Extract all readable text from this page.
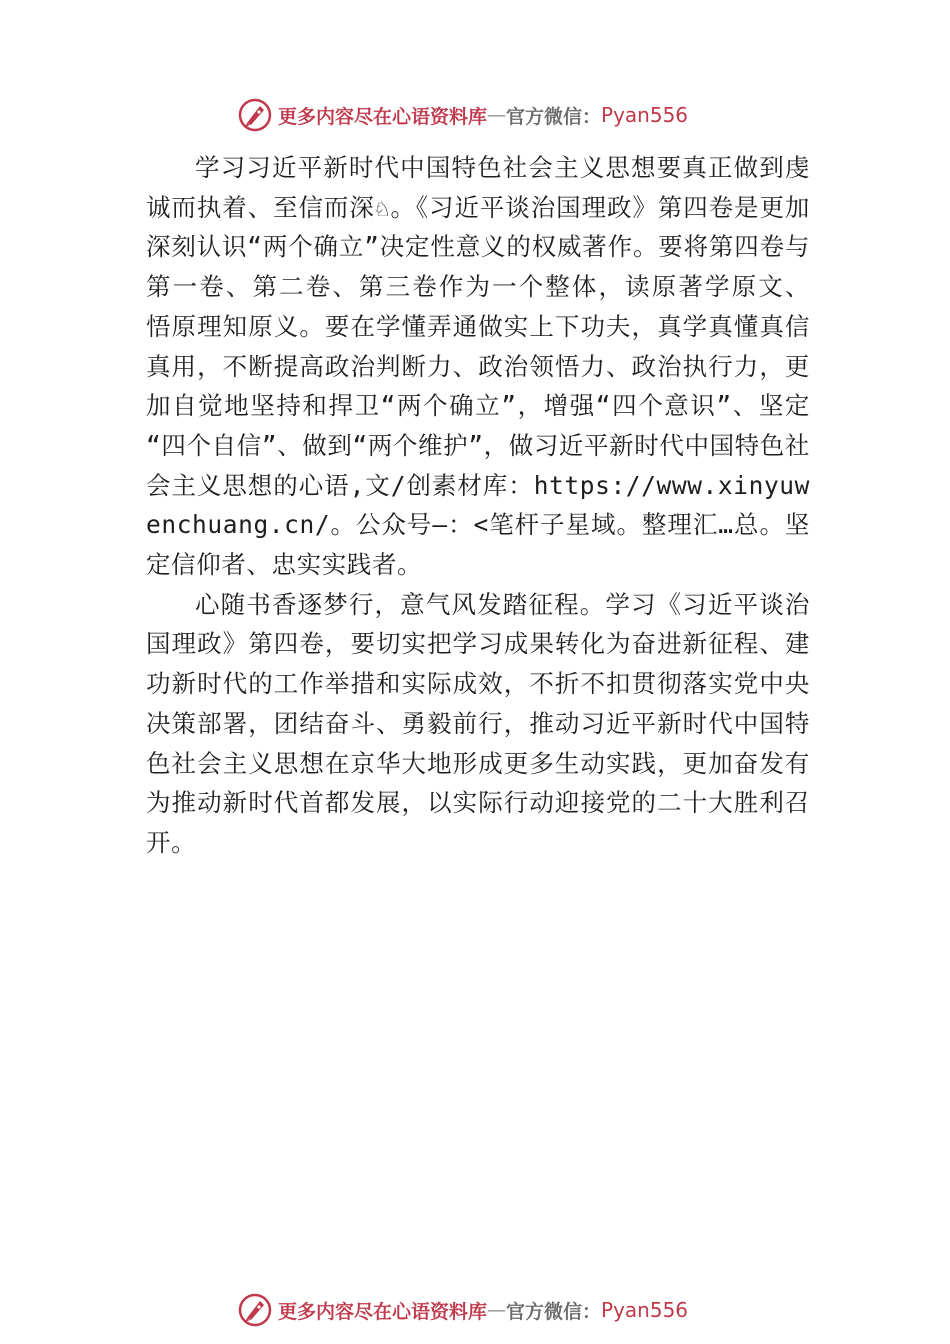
更多内容尽在心语资料库 — 官方微信： Pyan556

学习习近平新时代中国特色社会主义思想要真正做到虔诚而执着、至信而深♘。《习近平谈治国理政》第四卷是更加深刻认识“两个确立”决定性意义的权威著作。要将第四卷与第一卷、第二卷、第三卷作为一个整体，读原著学原文、 悟原理知原义。要在学懂弄通做实上下功夫，真学真懂真信真用，不断提高政治判断力、政治领悟力、政治执行力，更加自觉地坚持和捍卫“两个确立”，增强“四个意识”、坚定 “四个自信”、做到“两个维护”，做习近平新时代中国特色社会主义思想的心语,文/创素材库：https://www.xinyuwenchuang.cn/。公众号—：<笔杆子星域。整理汇…总。坚定信仰者、忠实实践者。

心随书香逐梦行，意气风发踏征程。学习《习近平谈治国理政》第四卷，要切实把学习成果转化为奋进新征程、建功新时代的工作举措和实际成效，不折不扣贯彻落实党中央决策部署，团结奋斗、勇毅前行，推动习近平新时代中国特色社会主义思想在京华大地形成更多生动实践，更加奋发有为推动新时代首都发展，以实际行动迎接党的二十大胜利召开。

更多内容尽在心语资料库 — 官方微信： Pyan556
